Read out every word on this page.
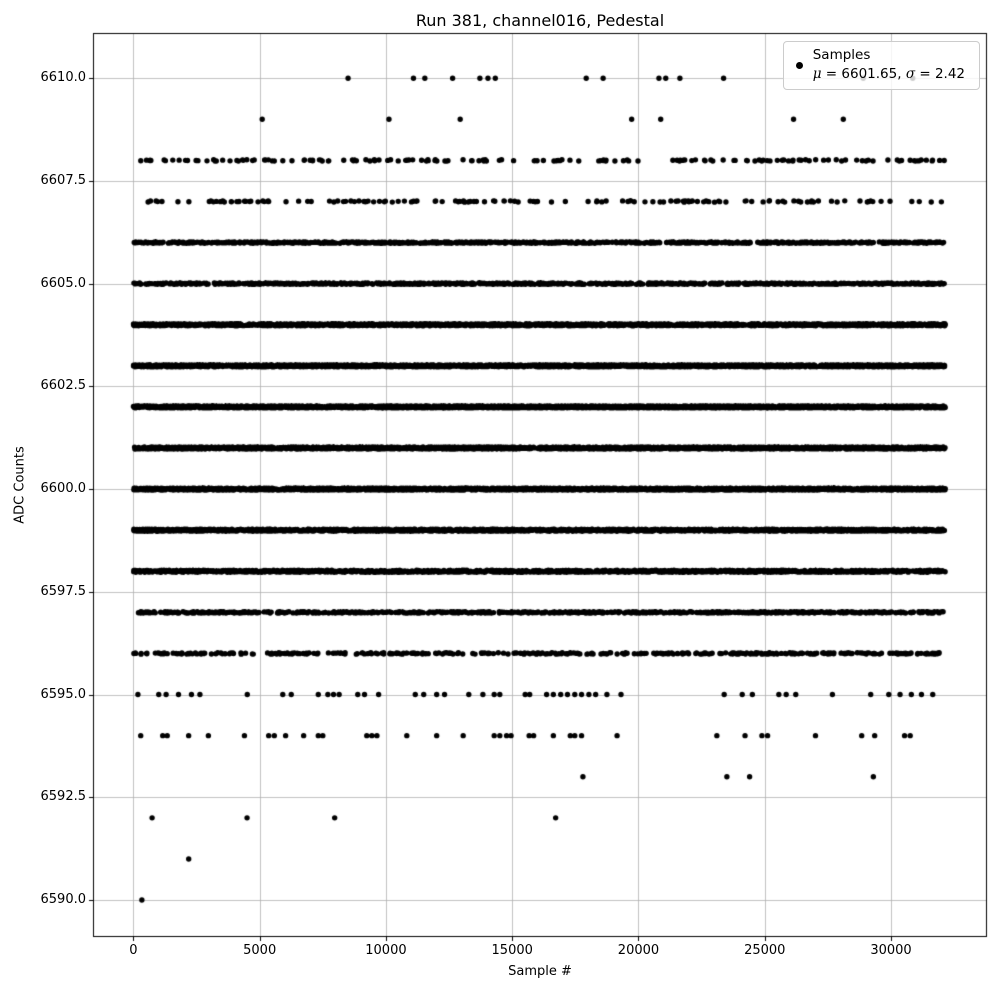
Run 381, channel016, Pedestal
ADC Counts
Sample #
6590.0
6592.5
6595.0
6597.5
6600.0
6602.5
6605.0
6607.5
6610.0
0	5000	10000	15000	20000	25000	30000
Samples
μ = 6601.65, σ = 2.42
